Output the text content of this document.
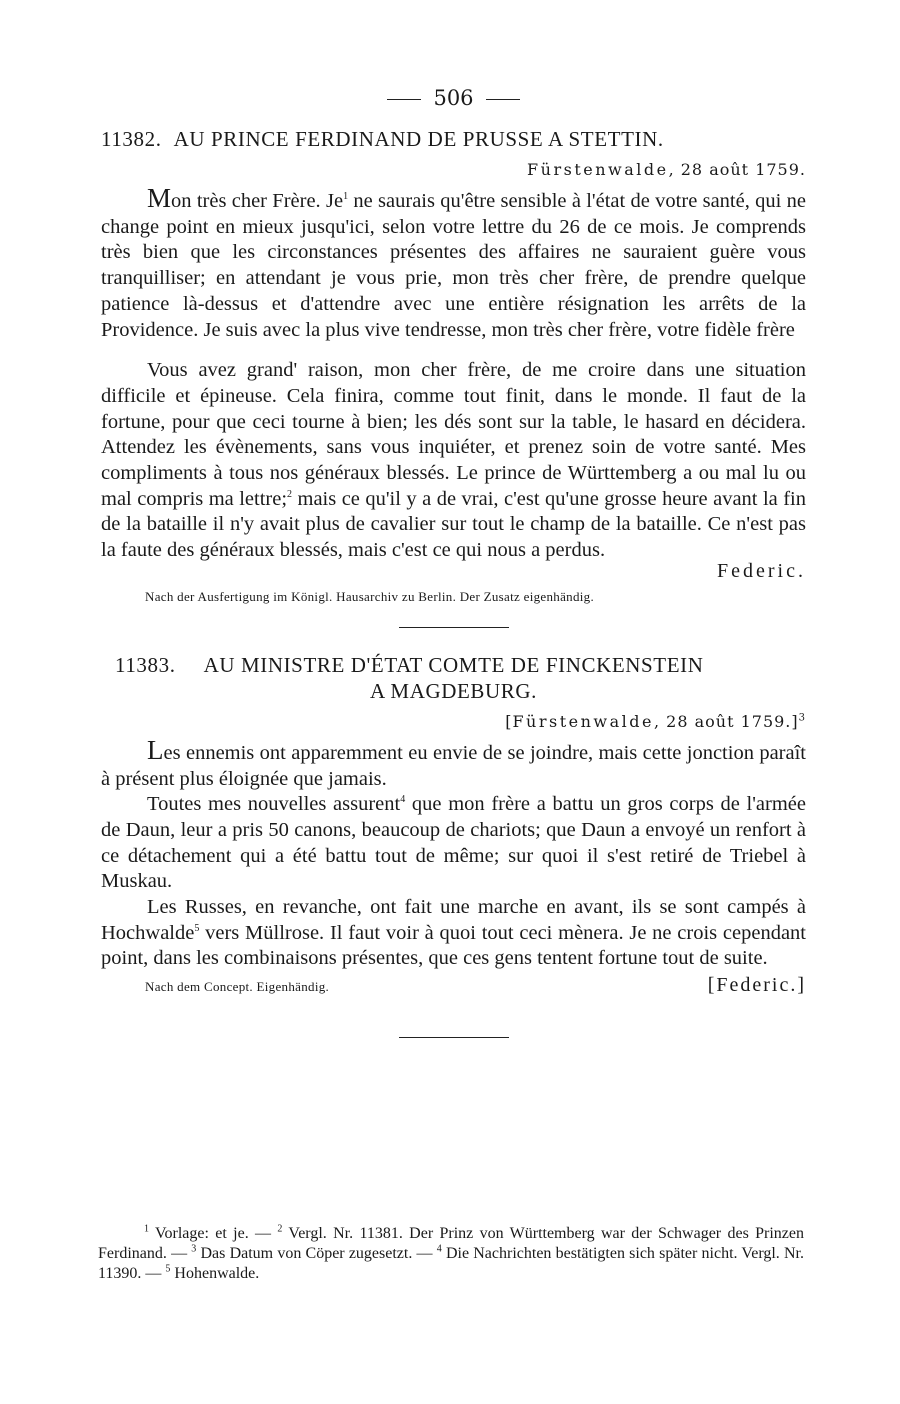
506
11382. AU PRINCE FERDINAND DE PRUSSE A STETTIN.
Fürstenwalde, 28 août 1759.

Mon très cher Frère. Je$^1$ ne saurais qu'être sensible à l'état de votre santé, qui ne change point en mieux jusqu'ici, selon votre lettre du 26 de ce mois. Je comprends très bien que les circonstances présentes des affaires ne sauraient guère vous tranquilliser; en attendant je vous prie, mon très cher frère, de prendre quelque patience là-dessus et d'attendre avec une entière résignation les arrêts de la Providence. Je suis avec la plus vive tendresse, mon très cher frère, votre fidèle frère

Vous avez grand' raison, mon cher frère, de me croire dans une situation difficile et épineuse. Cela finira, comme tout finit, dans le monde. Il faut de la fortune, pour que ceci tourne à bien; les dés sont sur la table, le hasard en décidera. Attendez les évènements, sans vous inquiéter, et prenez soin de votre santé. Mes compliments à tous nos généraux blessés. Le prince de Württemberg a ou mal lu ou mal compris ma lettre;$^2$ mais ce qu'il y a de vrai, c'est qu'une grosse heure avant la fin de la bataille il n'y avait plus de cavalier sur tout le champ de la bataille. Ce n'est pas la faute des généraux blessés, mais c'est ce qui nous a perdus.

Federic.
Nach der Ausfertigung im Königl. Hausarchiv zu Berlin. Der Zusatz eigenhändig.
11383. AU MINISTRE D'ÉTAT COMTE DE FINCKENSTEIN
A MAGDEBURG.
[Fürstenwalde, 28 août 1759.]$^3$

Les ennemis ont apparemment eu envie de se joindre, mais cette jonction paraît à présent plus éloignée que jamais.

Toutes mes nouvelles assurent$^4$ que mon frère a battu un gros corps de l'armée de Daun, leur a pris 50 canons, beaucoup de chariots; que Daun a envoyé un renfort à ce détachement qui a été battu tout de même; sur quoi il s'est retiré de Triebel à Muskau.

Les Russes, en revanche, ont fait une marche en avant, ils se sont campés à Hochwalde$^5$ vers Müllrose. Il faut voir à quoi tout ceci mènera. Je ne crois cependant point, dans les combinaisons présentes, que ces gens tentent fortune tout de suite.

Nach dem Concept. Eigenhändig.	[Federic.]

$^1$ Vorlage: et je. — $^2$ Vergl. Nr. 11381. Der Prinz von Württemberg war der Schwager des Prinzen Ferdinand. — $^3$ Das Datum von Cöper zugesetzt. — $^4$ Die Nachrichten bestätigten sich später nicht. Vergl. Nr. 11390. — $^5$ Hohenwalde.
